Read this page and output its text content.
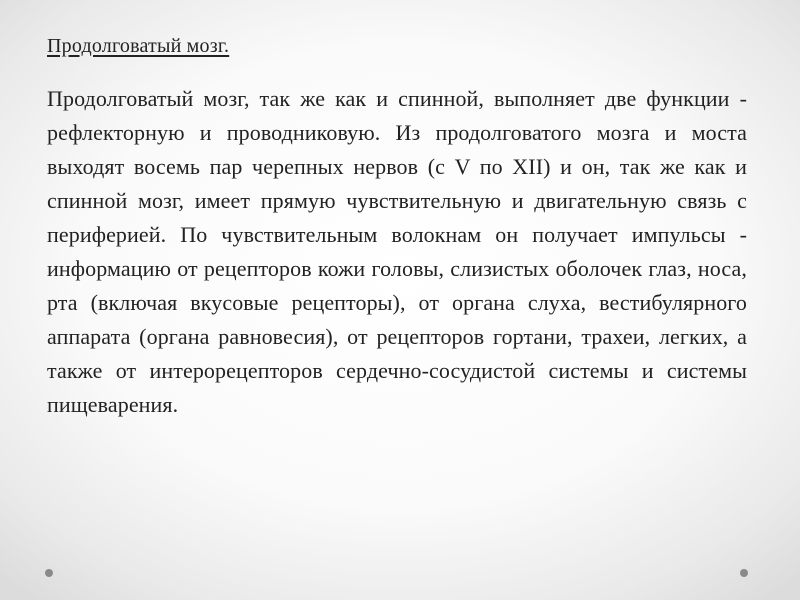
Продолговатый мозг.

Продолговатый мозг, так же как и спинной, выполняет две функции - рефлекторную и проводниковую. Из продолговатого мозга и моста выходят восемь пар черепных нервов (с V по XII) и он, так же как и спинной мозг, имеет прямую чувствительную и двигательную связь с периферией. По чувствительным волокнам он получает импульсы - информацию от рецепторов кожи головы, слизистых оболочек глаз, носа, рта (включая вкусовые рецепторы), от органа слуха, вестибулярного аппарата (органа равновесия), от рецепторов гортани, трахеи, легких, а также от интерорецепторов сердечно-сосудистой системы и системы пищеварения.
